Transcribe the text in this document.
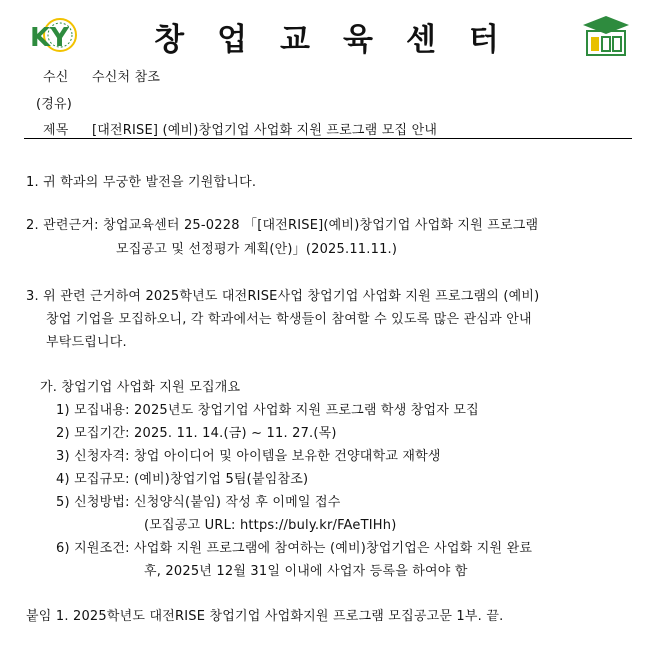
KY	창업교육센터
수신 수신처 참조
(경유)
제목 [대전RISE] (예비)창업기업 사업화 지원 프로그램 모집 안내
1. 귀 학과의 무궁한 발전을 기원합니다.
2. 관련근거: 창업교육센터 25-0228 「[대전RISE](예비)창업기업 사업화 지원 프로그램
모집공고 및 선정평가 계획(안)」(2025.11.11.)
3. 위 관련 근거하여 2025학년도 대전RISE사업 창업기업 사업화 지원 프로그램의 (예비)
창업 기업을 모집하오니, 각 학과에서는 학생들이 참여할 수 있도록 많은 관심과 안내
부탁드립니다.
가. 창업기업 사업화 지원 모집개요
1) 모집내용: 2025년도 창업기업 사업화 지원 프로그램 학생 창업자 모집
2) 모집기간: 2025. 11. 14.(금) ~ 11. 27.(목)
3) 신청자격: 창업 아이디어 및 아이템을 보유한 건양대학교 재학생
4) 모집규모: (예비)창업기업 5팀(붙임참조)
5) 신청방법: 신청양식(붙임) 작성 후 이메일 접수
(모집공고 URL: https://buly.kr/FAeTIHh)
6) 지원조건: 사업화 지원 프로그램에 참여하는 (예비)창업기업은 사업화 지원 완료
후, 2025년 12월 31일 이내에 사업자 등록을 하여야 함
붙임 1. 2025학년도 대전RISE 창업기업 사업화지원 프로그램 모집공고문 1부. 끝.
